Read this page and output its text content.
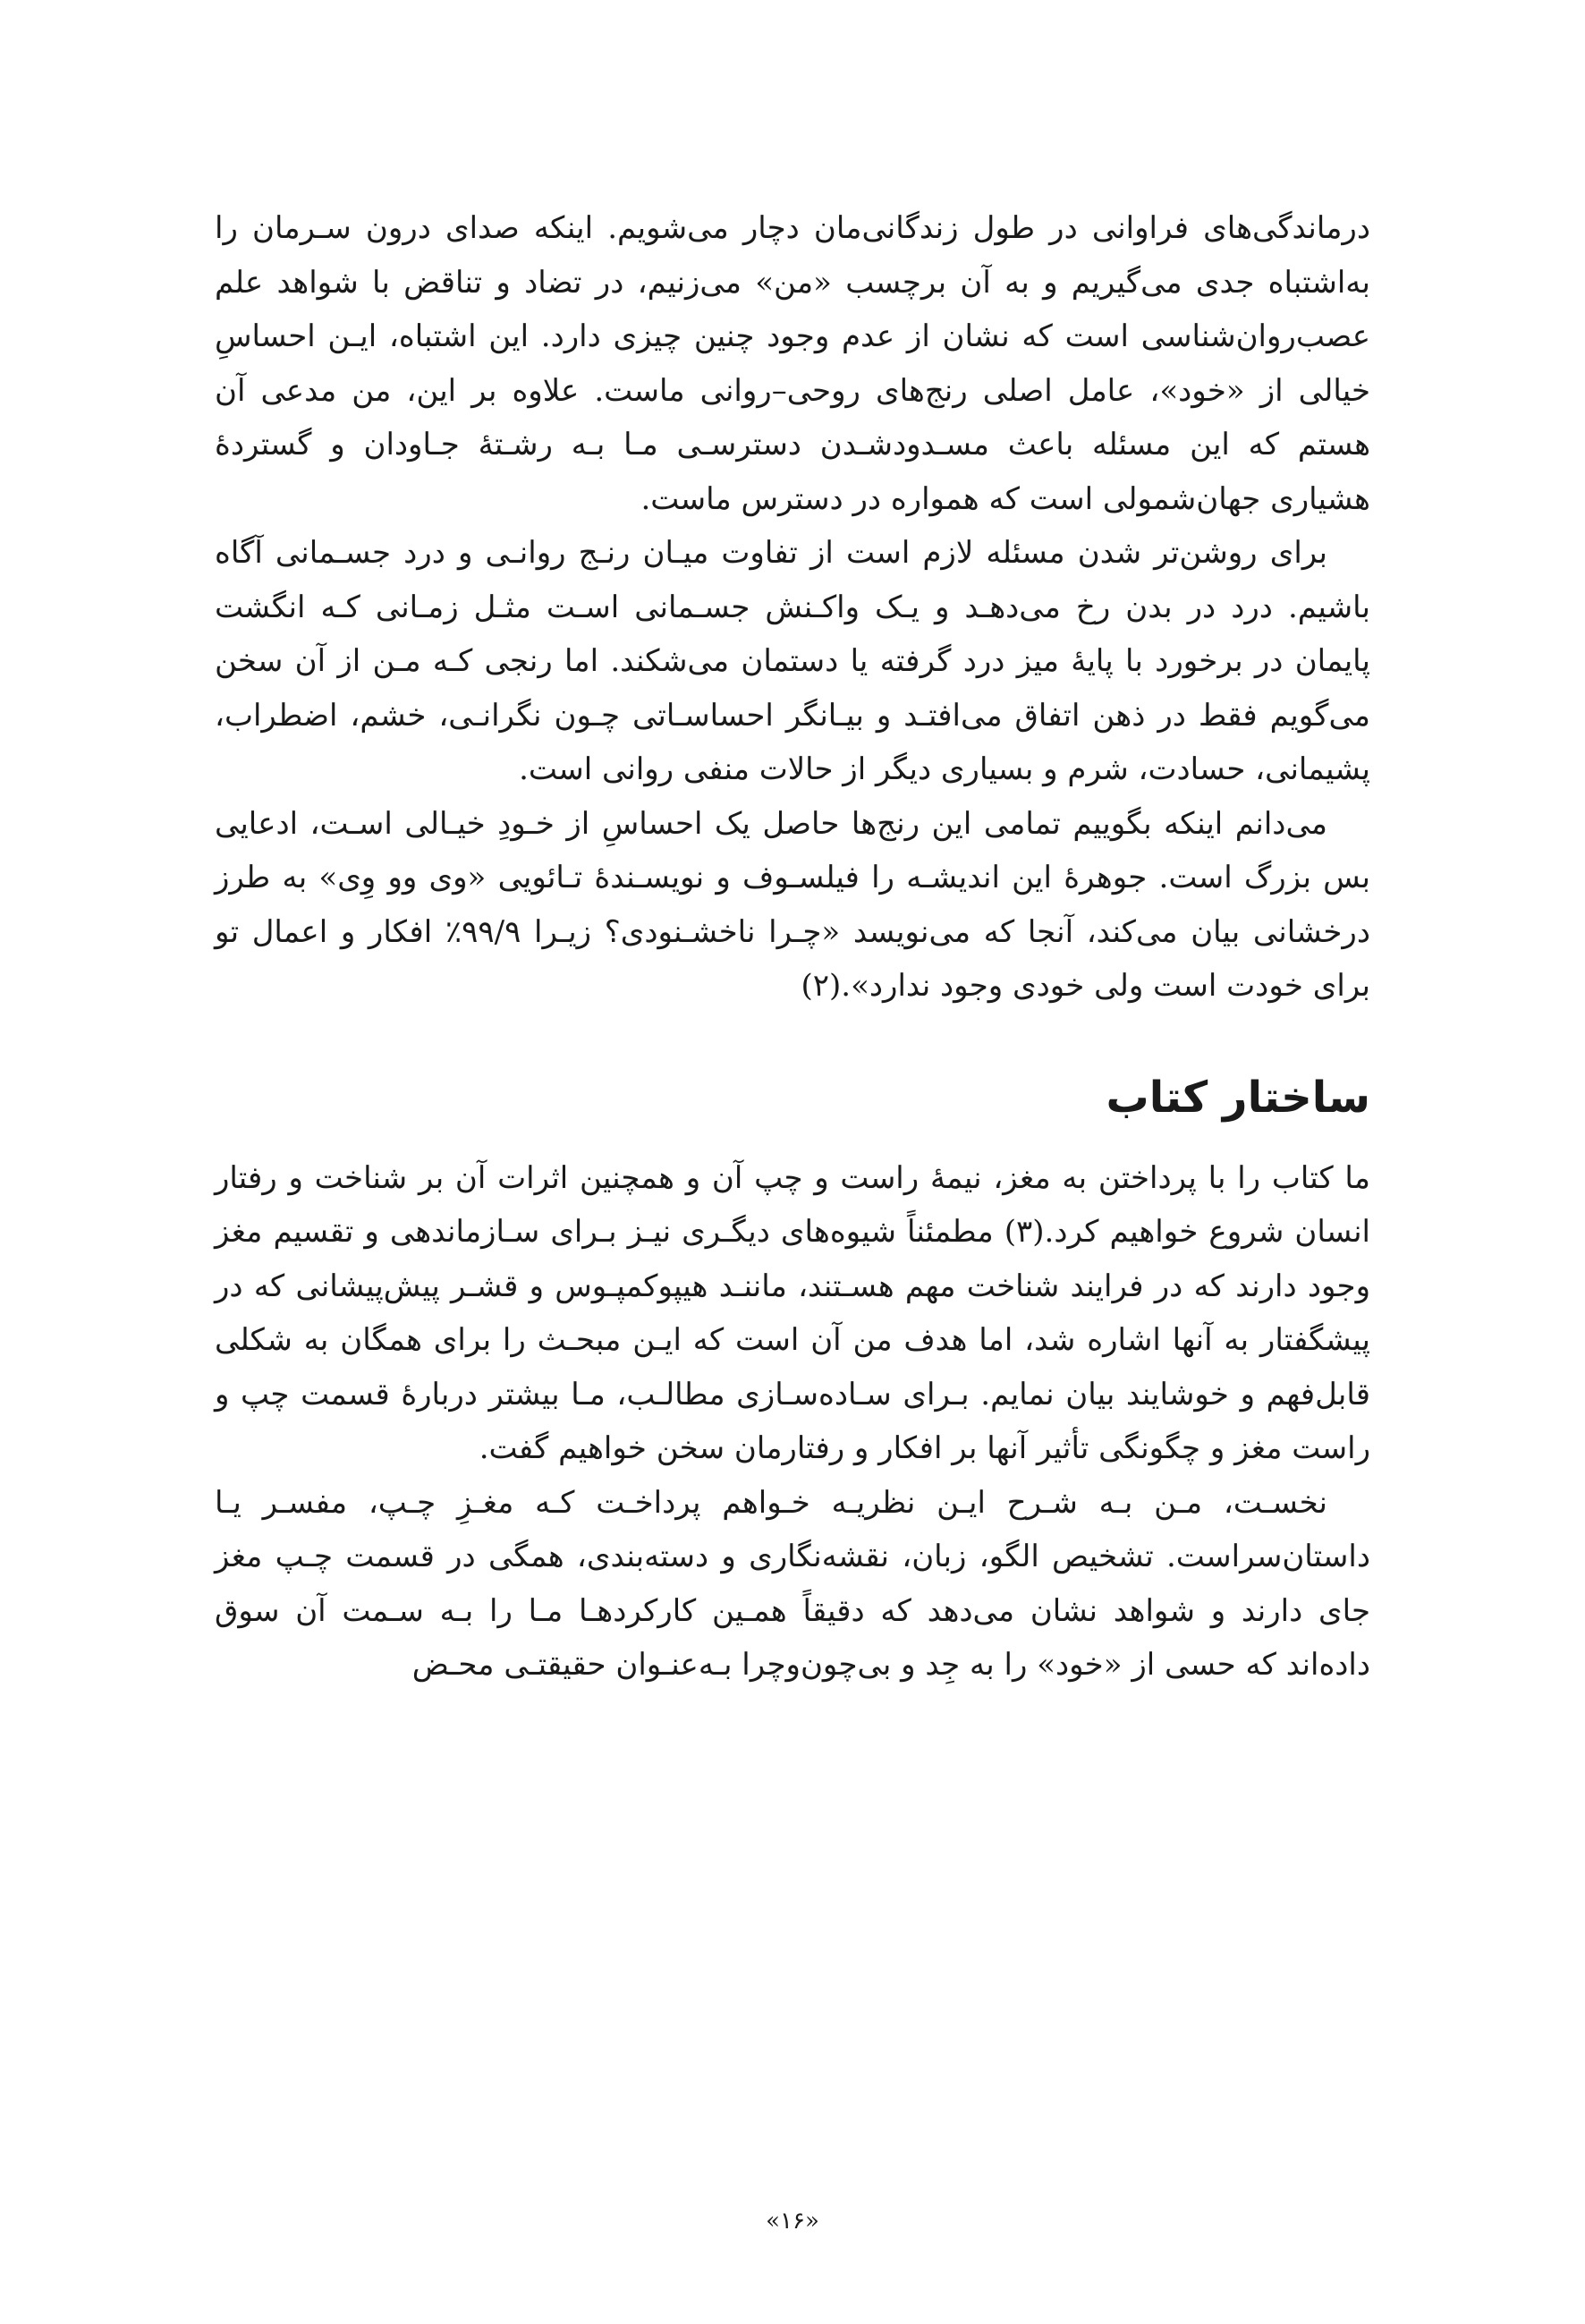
درماندگی‌های فراوانی در طول زندگانی‌مان دچار می‌شویم. اینکه صدای درون سـرمان را به‌اشتباه جدی می‌گیریم و به آن برچسب «من» می‌زنیم، در تضاد و تناقض با شواهد علم عصب‌روان‌شناسی است که نشان از عدم وجود چنین چیزی دارد. این اشتباه، ایـن احساسِ خیالی از «خود»، عامل اصلی رنج‌های روحی–روانی ماست. علاوه بر این، من مدعی آن هستم که این مسئله باعث مسـدودشـدن دسترسـی مـا بـه رشـتهٔ جـاودان و گستردهٔ هشیاری جهان‌شمولی است که همواره در دسترس ماست.

برای روشن‌تر شدن مسئله لازم است از تفاوت میـان رنـج روانـی و درد جسـمانی آگاه باشیم. درد در بدن رخ می‌دهـد و یـک واکـنش جسـمانی اسـت مثـل زمـانی کـه انگشت پایمان در برخورد با پایهٔ میز درد گرفته یا دستمان می‌شکند. اما رنجی کـه مـن از آن سخن می‌گویم فقط در ذهن اتفاق می‌افتـد و بیـانگر احساسـاتی چـون نگرانـی، خشم، اضطراب، پشیمانی، حسادت، شرم و بسیاری دیگر از حالات منفی روانی است.

می‌دانم اینکه بگوییم تمامی این رنج‌ها حاصل یک احساسِ از خـودِ خیـالی اسـت، ادعایی بس بزرگ است. جوهرهٔ این اندیشـه را فیلسـوف و نویسـندهٔ تـائویی «وی وو وِی» به طرز درخشانی بیان می‌کند، آنجا که می‌نویسد «چـرا ناخشـنودی؟ زیـرا ۹۹/۹٪ افکار و اعمال تو برای خودت است ولی خودی وجود ندارد».(۲)

ساختار کتاب

ما کتاب را با پرداختن به مغز، نیمهٔ راست و چپ آن و همچنین اثرات آن بر شناخت و رفتار انسان شروع خواهیم کرد.(۳) مطمئناً شیوه‌های دیگـری نیـز بـرای سـازماندهی و تقسیم مغز وجود دارند که در فرایند شناخت مهم هسـتند، ماننـد هیپوکمپـوس و قشـر پیش‌پیشانی که در پیشگفتار به آنها اشاره شد، اما هدف من آن است که ایـن مبحـث را برای همگان به شکلی قابل‌فهم و خوشایند بیان نمایم. بـرای سـاده‌سـازی مطالـب، مـا بیشتر دربارهٔ قسمت چپ و راست مغز و چگونگی تأثیر آنها بر افکار و رفتارمان سخن خواهیم گفت.

نخسـت، مـن بـه شـرح ایـن نظریـه خـواهم پرداخـت کـه مغـزِ چـپ، مفسـر یـا داستان‌سراست. تشخیص الگو، زبان، نقشه‌نگاری و دسته‌بندی، همگی در قسمت چـپ مغز جای دارند و شواهد نشان می‌دهد که دقیقاً همـین کارکردهـا مـا را بـه سـمت آن سوق داده‌اند که حسی از «خود» را به جِد و بی‌چون‌وچرا بـه‌عنـوان حقیقتـی محـض

«۱۶»
